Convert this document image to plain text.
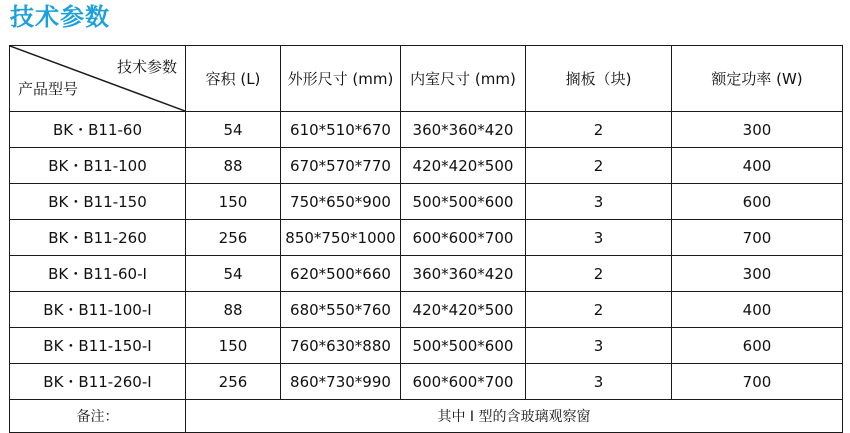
技术参数
技术参数
产品型号	容积 (L)	外形尺寸 (mm)	内室尺寸 (mm)	搁板（块)	额定功率 (W)
BK・B11-60	54	610*510*670	360*360*420	2	300
BK・B11-100	88	670*570*770	420*420*500	2	400
BK・B11-150	150	750*650*900	500*500*600	3	600
BK・B11-260	256	850*750*1000	600*600*700	3	700
BK・B11-60-I	54	620*500*660	360*360*420	2	300
BK・B11-100-I	88	680*550*760	420*420*500	2	400
BK・B11-150-I	150	760*630*880	500*500*600	3	600
BK・B11-260-I	256	860*730*990	600*600*700	3	700
备注：	其中 I 型的含玻璃观察窗				
